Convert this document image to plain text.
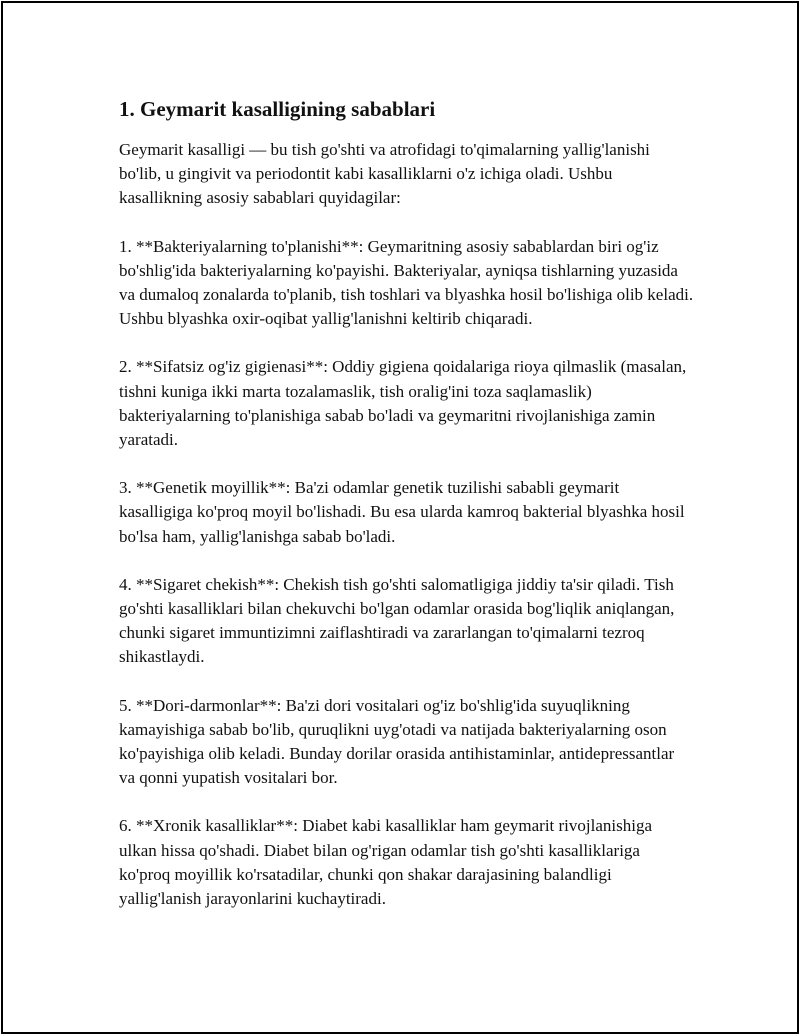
1. Geymarit kasalligining sabablari

Geymarit kasalligi — bu tish go'shti va atrofidagi to'qimalarning yallig'lanishi bo'lib, u gingivit va periodontit kabi kasalliklarni o'z ichiga oladi. Ushbu kasallikning asosiy sabablari quyidagilar:

1. **Bakteriyalarning to'planishi**: Geymaritning asosiy sabablardan biri og'iz bo'shlig'ida bakteriyalarning ko'payishi. Bakteriyalar, ayniqsa tishlarning yuzasida va dumaloq zonalarda to'planib, tish toshlari va blyashka hosil bo'lishiga olib keladi. Ushbu blyashka oxir-oqibat yallig'lanishni keltirib chiqaradi.

2. **Sifatsiz og'iz gigienasi**: Oddiy gigiena qoidalariga rioya qilmaslik (masalan, tishni kuniga ikki marta tozalamaslik, tish oralig'ini toza saqlamaslik) bakteriyalarning to'planishiga sabab bo'ladi va geymaritni rivojlanishiga zamin yaratadi.

3. **Genetik moyillik**: Ba'zi odamlar genetik tuzilishi sababli geymarit kasalligiga ko'proq moyil bo'lishadi. Bu esa ularda kamroq bakterial blyashka hosil bo'lsa ham, yallig'lanishga sabab bo'ladi.

4. **Sigaret chekish**: Chekish tish go'shti salomatligiga jiddiy ta'sir qiladi. Tish go'shti kasalliklari bilan chekuvchi bo'lgan odamlar orasida bog'liqlik aniqlangan, chunki sigaret immuntizimni zaiflashtiradi va zararlangan to'qimalarni tezroq shikastlaydi.

5. **Dori-darmonlar**: Ba'zi dori vositalari og'iz bo'shlig'ida suyuqlikning kamayishiga sabab bo'lib, quruqlikni uyg'otadi va natijada bakteriyalarning oson ko'payishiga olib keladi. Bunday dorilar orasida antihistaminlar, antidepressantlar va qonni yupatish vositalari bor.

6. **Xronik kasalliklar**: Diabet kabi kasalliklar ham geymarit rivojlanishiga ulkan hissa qo'shadi. Diabet bilan og'rigan odamlar tish go'shti kasalliklariga ko'proq moyillik ko'rsatadilar, chunki qon shakar darajasining balandligi yallig'lanish jarayonlarini kuchaytiradi.
